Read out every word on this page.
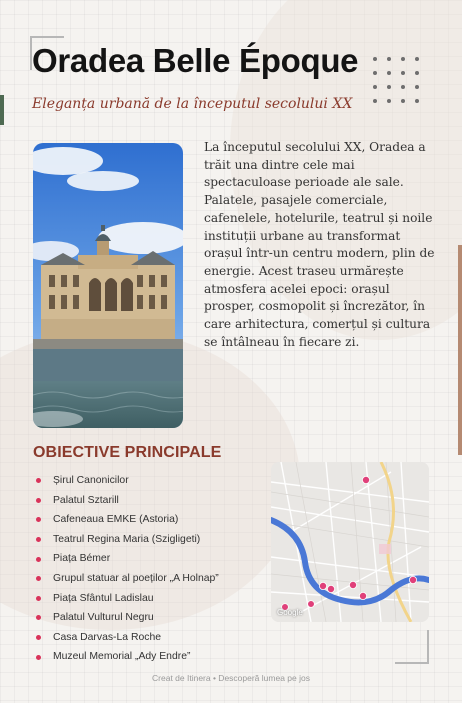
Oradea Belle Époque
Eleganța urbană de la începutul secolului XX

La începutul secolului XX, Oradea a trăit una dintre cele mai spectaculoase perioade ale sale. Palatele, pasajele comerciale, cafenelele, hotelurile, teatrul și noile instituții urbane au transformat orașul într-un centru modern, plin de energie. Acest traseu urmărește atmosfera acelei epoci: orașul prosper, cosmopolit și încrezător, în care arhitectura, comerțul și cultura se întâlneau în fiecare zi.

OBIECTIVE PRINCIPALE
Șirul Canonicilor
Palatul Sztarill
Cafeneaua EMKE (Astoria)
Teatrul Regina Maria (Szigligeti)
Piața Bémer
Grupul statuar al poeților „A Holnap”
Piața Sfântul Ladislau
Palatul Vulturul Negru
Casa Darvas-La Roche
Muzeul Memorial „Ady Endre”
Google
Creat de Itinera • Descoperă lumea pe jos
